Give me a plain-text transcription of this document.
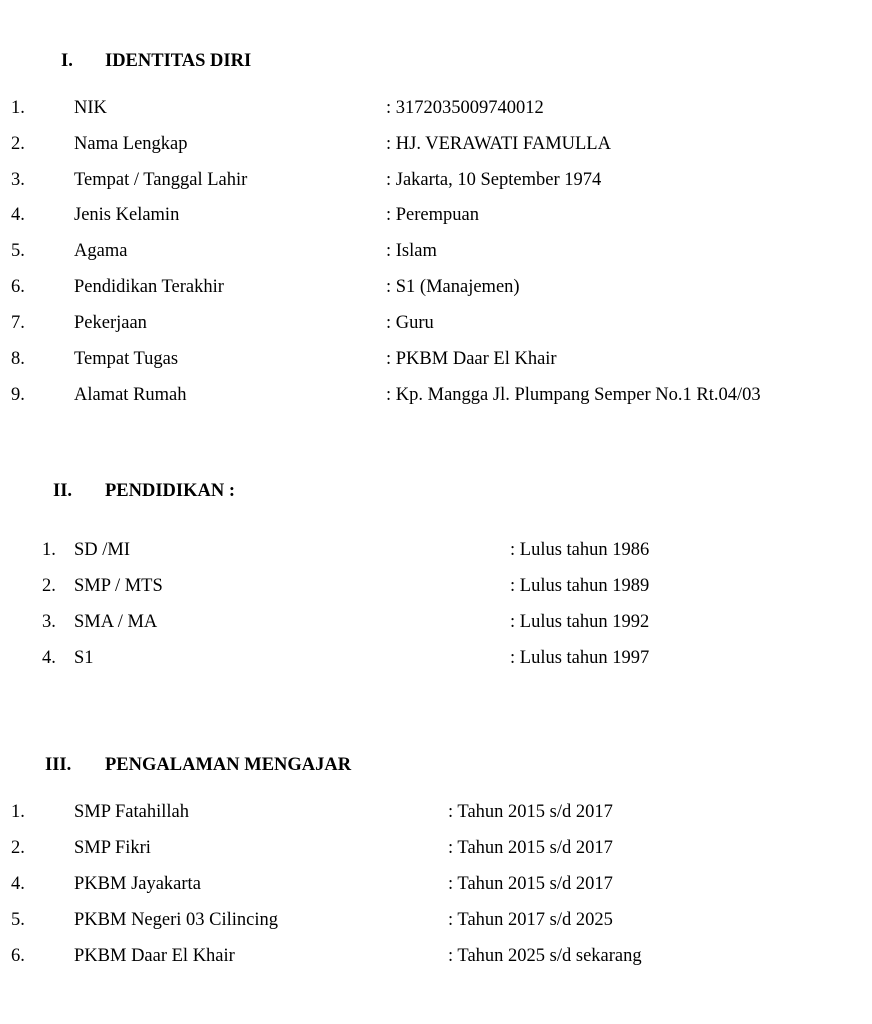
I. IDENTITAS DIRI
1.	NIK	: 3172035009740012
2.	Nama Lengkap	: HJ. VERAWATI FAMULLA
3.	Tempat / Tanggal Lahir	: Jakarta, 10 September 1974
4.	Jenis Kelamin	: Perempuan
5.	Agama	: Islam
6.	Pendidikan Terakhir	: S1 (Manajemen)
7.	Pekerjaan	: Guru
8.	Tempat Tugas	: PKBM Daar El Khair
9.	Alamat Rumah	: Kp. Mangga Jl. Plumpang Semper No.1 Rt.04/03
II. PENDIDIKAN :
1. SD /MI	: Lulus tahun 1986
2. SMP / MTS	: Lulus tahun 1989
3. SMA / MA	: Lulus tahun 1992
4. S1	: Lulus tahun 1997
III. PENGALAMAN MENGAJAR
1.	SMP Fatahillah	: Tahun 2015 s/d 2017
2.	SMP Fikri	: Tahun 2015 s/d 2017
4.	PKBM Jayakarta	: Tahun 2015 s/d 2017
5.	PKBM Negeri 03 Cilincing	: Tahun 2017 s/d 2025
6.	PKBM Daar El Khair	: Tahun 2025 s/d sekarang
